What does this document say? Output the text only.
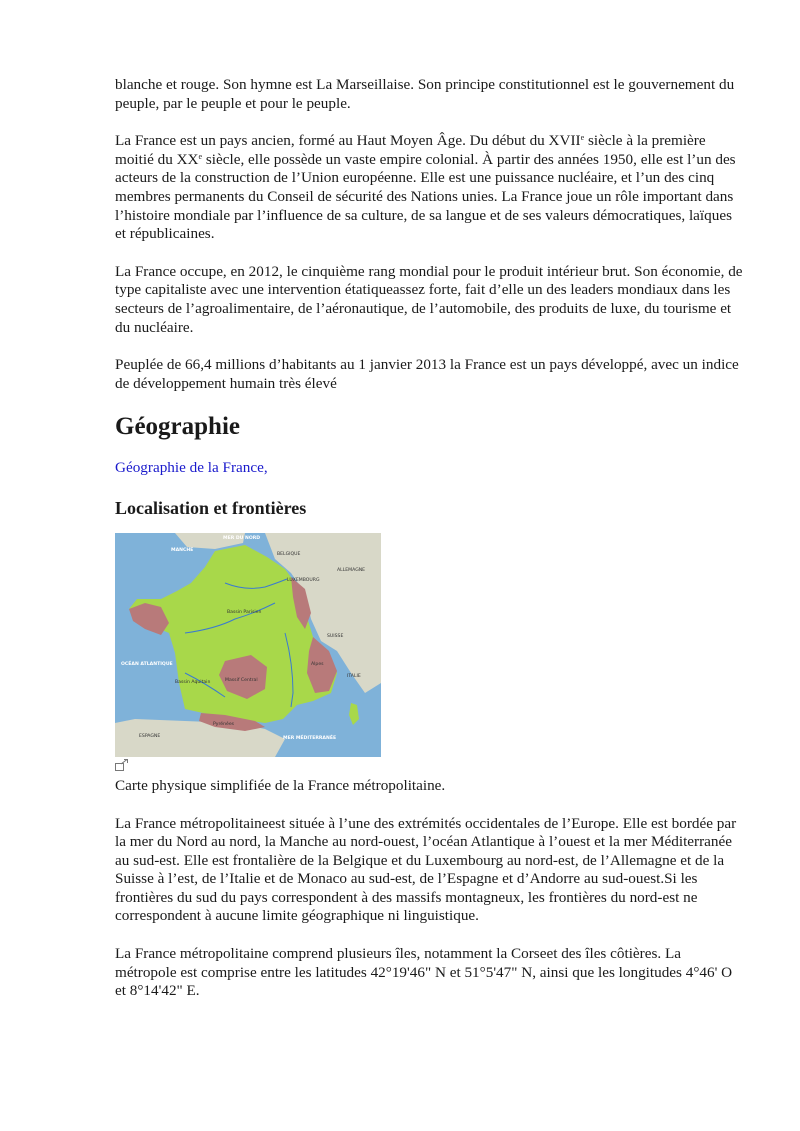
blanche et rouge. Son hymne est La Marseillaise. Son principe constitutionnel est le gouvernement du peuple, par le peuple et pour le peuple.

La France est un pays ancien, formé au Haut Moyen Âge. Du début du XVIIe siècle à la première moitié du XXe siècle, elle possède un vaste empire colonial. À partir des années 1950, elle est l’un des acteurs de la construction de l’Union européenne. Elle est une puissance nucléaire, et l’un des cinq membres permanents du Conseil de sécurité des Nations unies. La France joue un rôle important dans l’histoire mondiale par l’influence de sa culture, de sa langue et de ses valeurs démocratiques, laïques et républicaines.

La France occupe, en 2012, le cinquième rang mondial pour le produit intérieur brut. Son économie, de type capitaliste avec une intervention étatiqueassez forte, fait d’elle un des leaders mondiaux dans les secteurs de l’agroalimentaire, de l’aéronautique, de l’automobile, des produits de luxe, du tourisme et du nucléaire.

Peuplée de 66,4 millions d’habitants au 1 janvier 2013 la France est un pays développé, avec un indice de développement humain très élevé

Géographie

Géographie de la France,

Localisation et frontières
MANCHE
MER DU NORD
BELGIQUE
LUXEMBOURG
ALLEMAGNE
SUISSE
ITALIE
OCÉAN ATLANTIQUE
ESPAGNE	MER MÉDITERRANÉE
Bassin Parisien
Massif Central
Alpes
Pyrénées
Bassin Aquitain

Carte physique simplifiée de la France métropolitaine.

La France métropolitaineest située à l’une des extrémités occidentales de l’Europe. Elle est bordée par la mer du Nord au nord, la Manche au nord-ouest, l’océan Atlantique à l’ouest et la mer Méditerranée au sud-est. Elle est frontalière de la Belgique et du Luxembourg au nord-est, de l’Allemagne et de la Suisse à l’est, de l’Italie et de Monaco au sud-est, de l’Espagne et d’Andorre au sud-ouest.Si les frontières du sud du pays correspondent à des massifs montagneux, les frontières du nord-est ne correspondent à aucune limite géographique ni linguistique.

La France métropolitaine comprend plusieurs îles, notamment la Corseet des îles côtières. La métropole est comprise entre les latitudes 42°19'46" N et 51°5'47" N, ainsi que les longitudes 4°46' O et 8°14'42" E.
